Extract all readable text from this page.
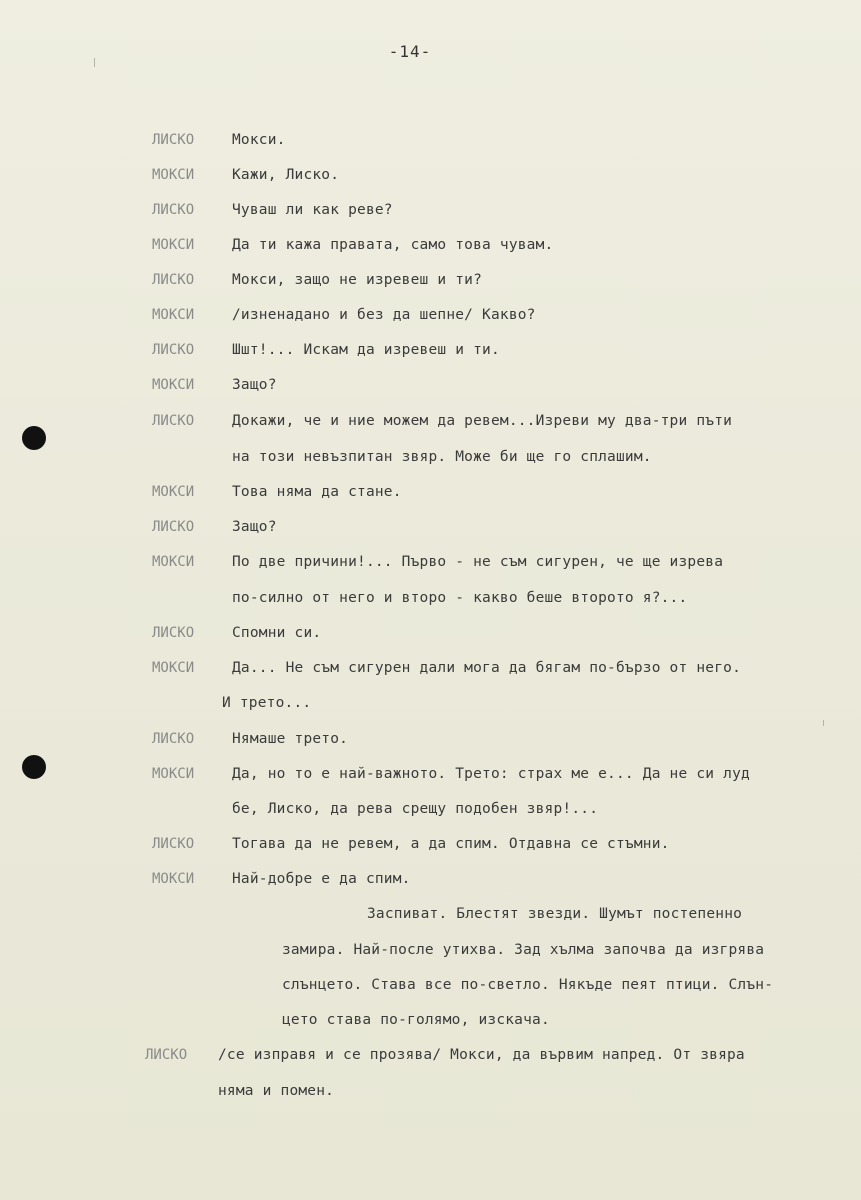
-14-
ЛИСКО	Мокси.
МОКСИ	Кажи, Лиско.
ЛИСКО	Чуваш ли как реве?
МОКСИ	Да ти кажа правата, само това чувам.
ЛИСКО	Мокси, защо не изревеш и ти?
МОКСИ	/изненадано и без да шепне/ Какво?
ЛИСКО	Шшт!... Искам да изревеш и ти.
МОКСИ	Защо?
ЛИСКО	Докажи, че и ние можем да ревем...Изреви му два-три пъти
на този невъзпитан звяр. Може би ще го сплашим.
МОКСИ	Това няма да стане.
ЛИСКО	Защо?
МОКСИ	По две причини!... Първо - не съм сигурен, че ще изрева
по-силно от него и второ - какво беше второто я?...
ЛИСКО	Спомни си.
МОКСИ	Да... Не съм сигурен дали мога да бягам по-бързо от него.
И трето...
ЛИСКО	Нямаше трето.
МОКСИ	Да, но то е най-важното. Трето: страх ме е... Да не си луд
бе, Лиско, да рева срещу подобен звяр!...
ЛИСКО	Тогава да не ревем, а да спим. Отдавна се стъмни.
МОКСИ	Най-добре е да спим.
Заспиват. Блестят звезди. Шумът постепенно
замира. Най-после утихва. Зад хълма започва да изгрява
слънцето. Става все по-светло. Някъде пеят птици. Слън-
цето става по-голямо, изскача.
ЛИСКО	/се изправя и се прозява/ Мокси, да вървим напред. От звяра
няма и помен.
